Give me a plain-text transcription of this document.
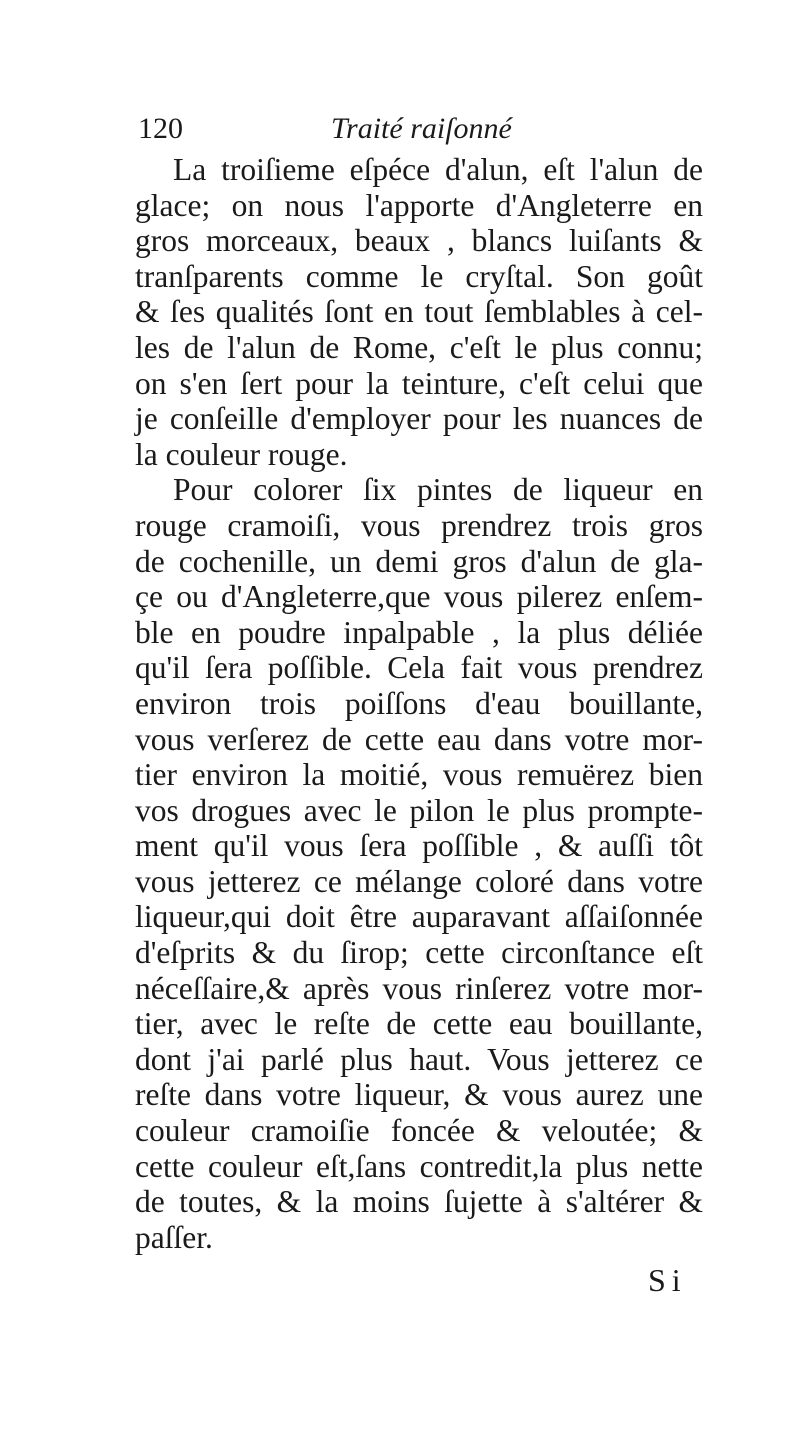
120	Traité raiſonné
La troiſieme eſpéce d'alun, eſt l'alun de
glace; on nous l'apporte d'Angleterre en
gros morceaux, beaux , blancs luiſants &
tranſparents comme le cryſtal. Son goût
& ſes qualités ſont en tout ſemblables à cel-
les de l'alun de Rome, c'eſt le plus connu;
on s'en ſert pour la teinture, c'eſt celui que
je conſeille d'employer pour les nuances de
la couleur rouge.
Pour colorer ſix pintes de liqueur en
rouge cramoiſi, vous prendrez trois gros
de cochenille, un demi gros d'alun de gla-
çe ou d'Angleterre,que vous pilerez enſem-
ble en poudre inpalpable , la plus déliée
qu'il ſera poſſible. Cela fait vous prendrez
environ trois poiſſons d'eau bouillante,
vous verſerez de cette eau dans votre mor-
tier environ la moitié, vous remuërez bien
vos drogues avec le pilon le plus prompte-
ment qu'il vous ſera poſſible , & auſſi tôt
vous jetterez ce mélange coloré dans votre
liqueur,qui doit être auparavant aſſaiſonnée
d'eſprits & du ſirop; cette circonſtance eſt
néceſſaire,& après vous rinſerez votre mor-
tier, avec le reſte de cette eau bouillante,
dont j'ai parlé plus haut. Vous jetterez ce
reſte dans votre liqueur, & vous aurez une
couleur cramoiſie foncée & veloutée; &
cette couleur eſt,ſans contredit,la plus nette
de toutes, & la moins ſujette à s'altérer &
paſſer.
Si
